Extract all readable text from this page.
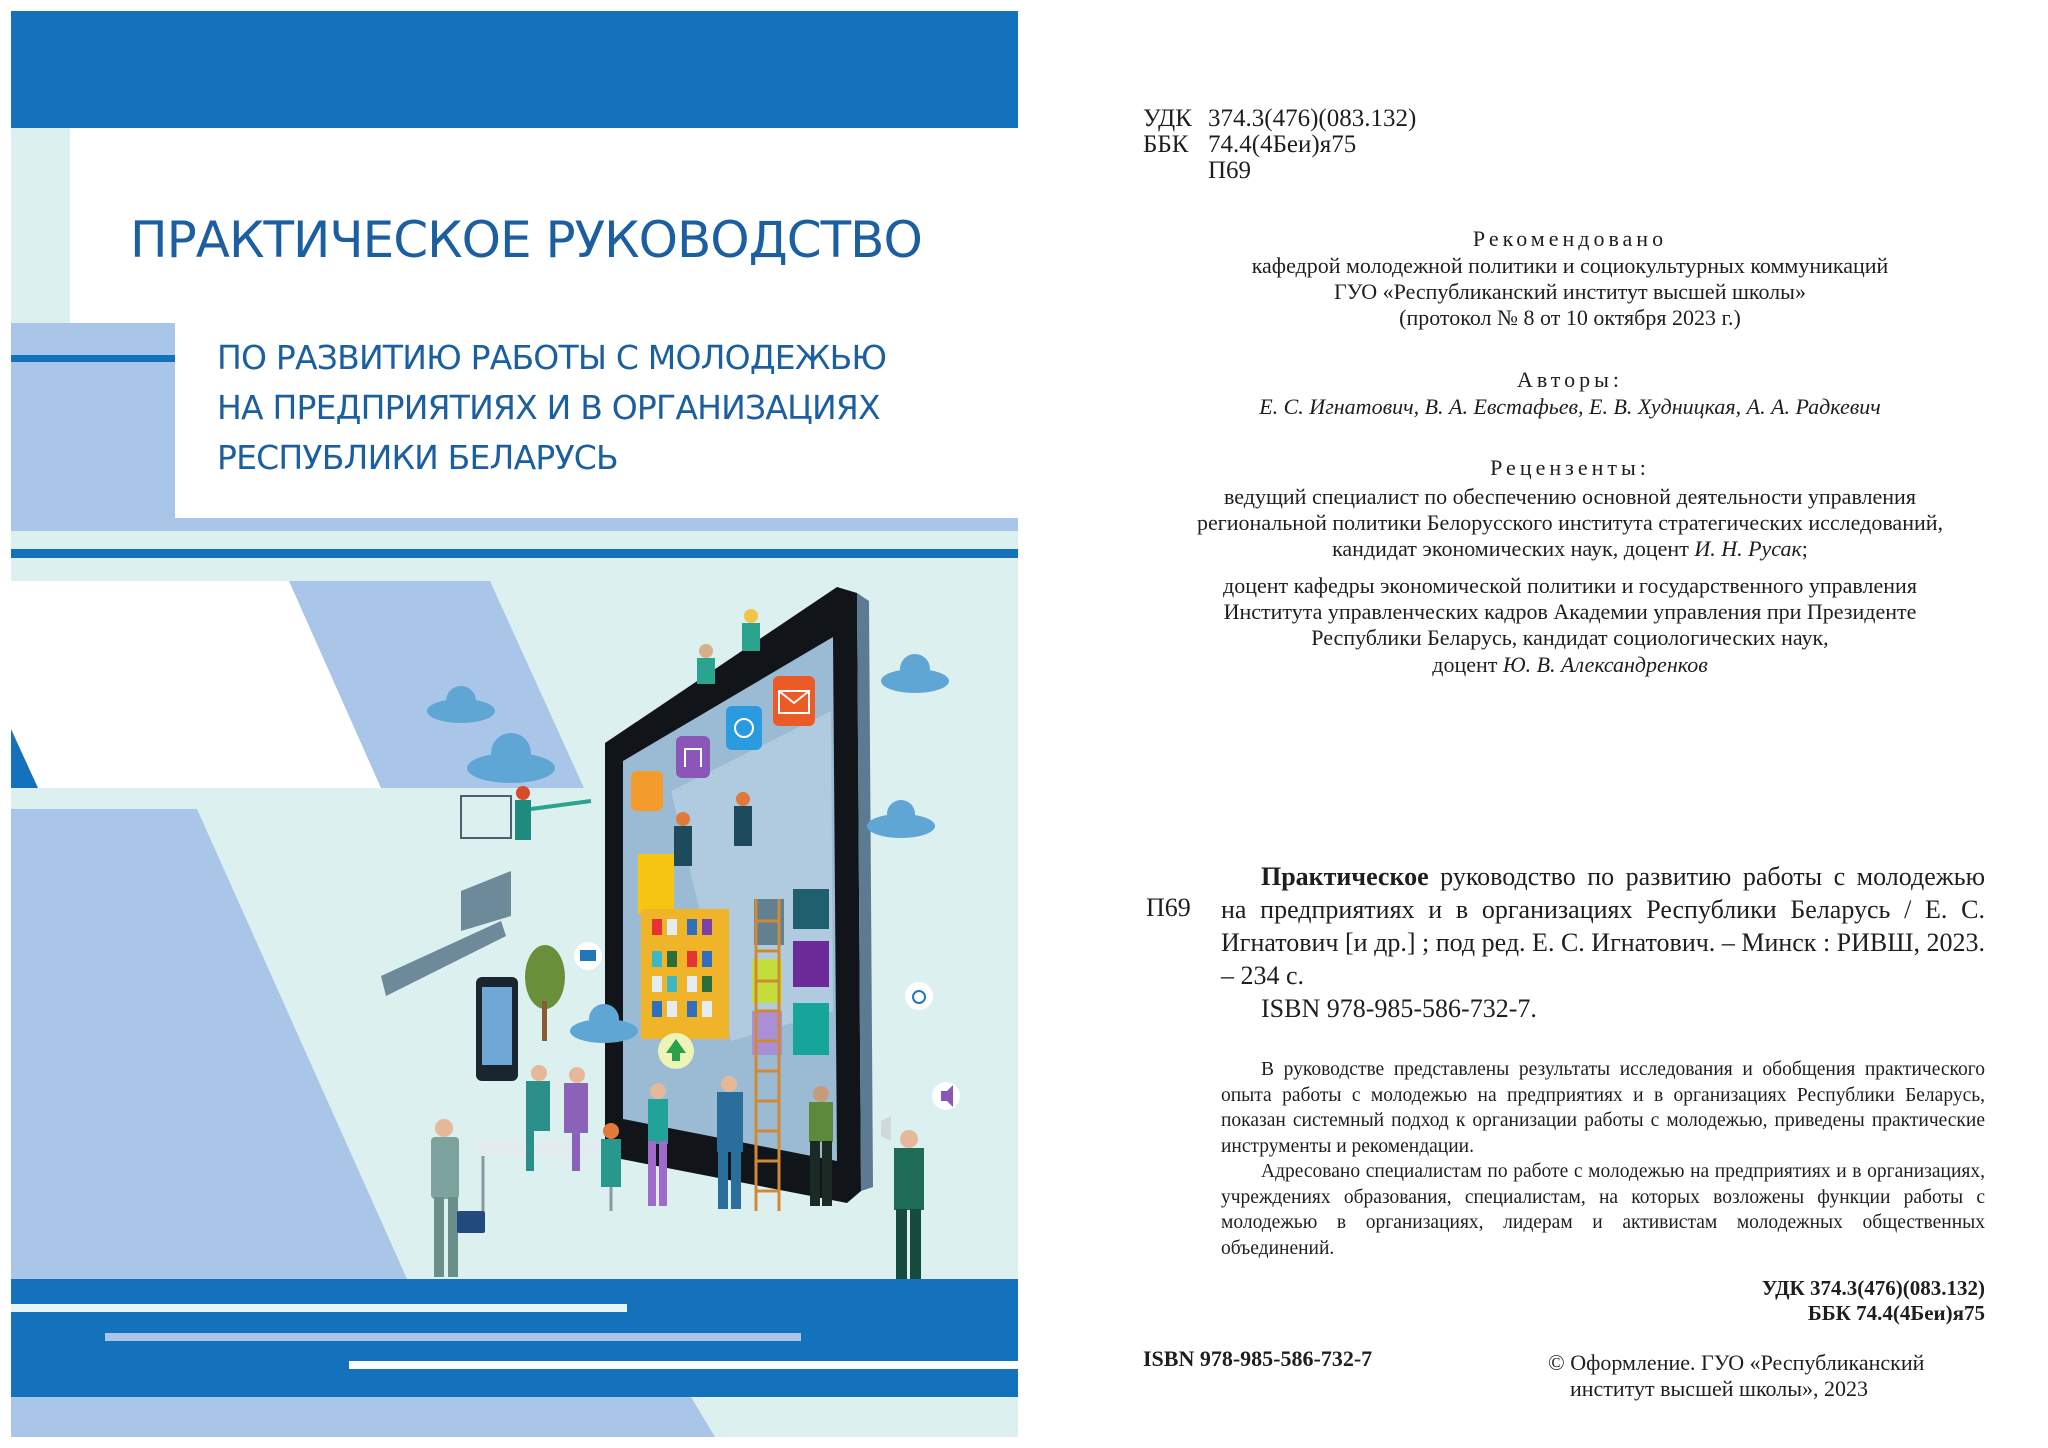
ПРАКТИЧЕСКОЕ РУКОВОДСТВО
ПО РАЗВИТИЮ РАБОТЫ С МОЛОДЕЖЬЮ
НА ПРЕДПРИЯТИЯХ И В ОРГАНИЗАЦИЯХ
РЕСПУБЛИКИ БЕЛАРУСЬ
УДК 374.3(476)(083.132)
ББК 74.4(4Беи)я75
П69
Рекомендовано
кафедрой молодежной политики и социокультурных коммуникаций
ГУО «Республиканский институт высшей школы»
(протокол № 8 от 10 октября 2023 г.)
Авторы:
Е. С. Игнатович, В. А. Евстафьев, Е. В. Худницкая, А. А. Радкевич
Рецензенты:
ведущий специалист по обеспечению основной деятельности управления
региональной политики Белорусского института стратегических исследований,
кандидат экономических наук, доцент И. Н. Русак;
доцент кафедры экономической политики и государственного управления
Института управленческих кадров Академии управления при Президенте
Республики Беларусь, кандидат социологических наук,
доцент Ю. В. Александренков
П69
Практическое руководство по развитию работы с молодежью на предприятиях и в организациях Республики Беларусь / Е. С. Игнатович [и др.] ; под ред. Е. С. Игнатович. – Минск : РИВШ, 2023. – 234 с.
ISBN 978-985-586-732-7.

В руководстве представлены результаты исследования и обобщения практического опыта работы с молодежью на предприятиях и в организациях Республики Беларусь, показан системный подход к организации работы с молодежью, приведены практические инструменты и рекомендации.

Адресовано специалистам по работе с молодежью на предприятиях и в организациях, учреждениях образования, специалистам, на которых возложены функции работы с молодежью в организациях, лидерам и активистам молодежных общественных объединений.

УДК 374.3(476)(083.132)
ББК 74.4(4Беи)я75
ISBN 978-985-586-732-7	© Оформление. ГУО «Республиканский
институт высшей школы», 2023
